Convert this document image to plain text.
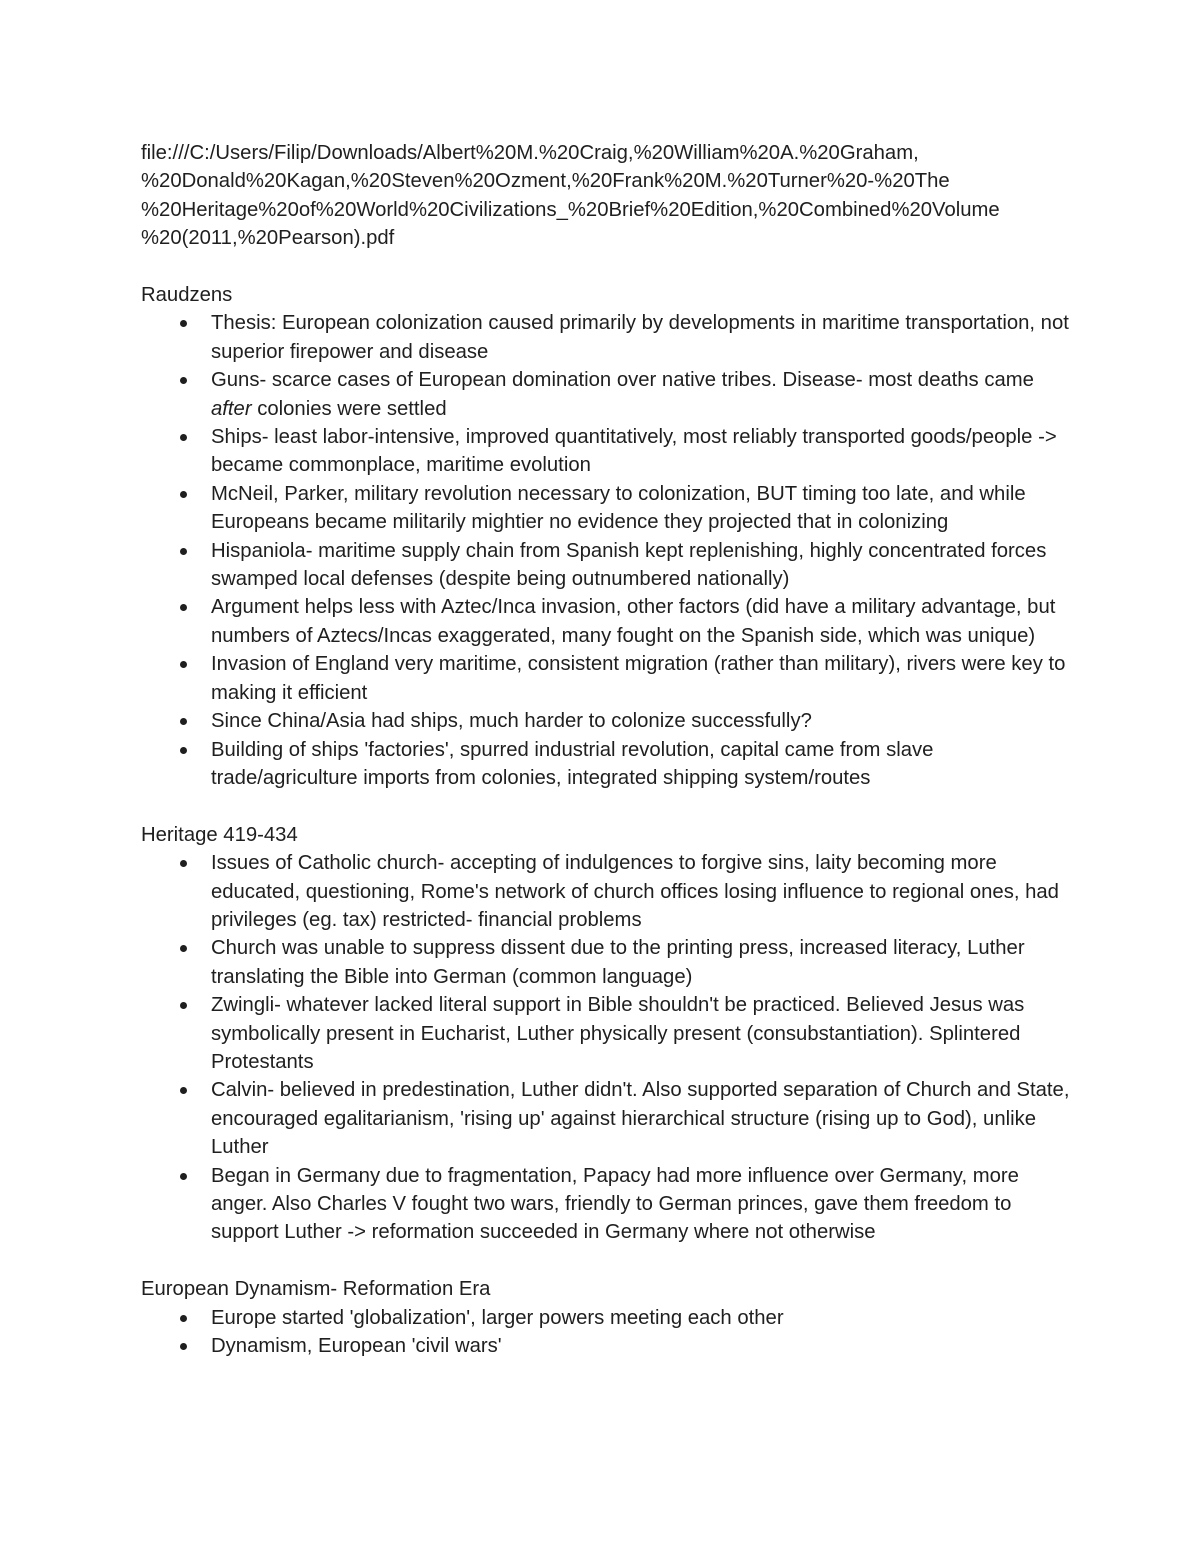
file:///C:/Users/Filip/Downloads/Albert%20M.%20Craig,%20William%20A.%20Graham,
%20Donald%20Kagan,%20Steven%20Ozment,%20Frank%20M.%20Turner%20-%20The
%20Heritage%20of%20World%20Civilizations_%20Brief%20Edition,%20Combined%20Volume
%20(2011,%20Pearson).pdf

Raudzens

Thesis: European colonization caused primarily by developments in maritime transportation, not superior firepower and disease
Guns- scarce cases of European domination over native tribes. Disease- most deaths came after colonies were settled
Ships- least labor-intensive, improved quantitatively, most reliably transported goods/people -> became commonplace, maritime evolution
McNeil, Parker, military revolution necessary to colonization, BUT timing too late, and while Europeans became militarily mightier no evidence they projected that in colonizing
Hispaniola- maritime supply chain from Spanish kept replenishing, highly concentrated forces swamped local defenses (despite being outnumbered nationally)
Argument helps less with Aztec/Inca invasion, other factors (did have a military advantage, but numbers of Aztecs/Incas exaggerated, many fought on the Spanish side, which was unique)
Invasion of England very maritime, consistent migration (rather than military), rivers were key to making it efficient
Since China/Asia had ships, much harder to colonize successfully?
Building of ships 'factories', spurred industrial revolution, capital came from slave trade/agriculture imports from colonies, integrated shipping system/routes

Heritage 419-434

Issues of Catholic church- accepting of indulgences to forgive sins, laity becoming more educated, questioning, Rome's network of church offices losing influence to regional ones, had privileges (eg. tax) restricted- financial problems
Church was unable to suppress dissent due to the printing press, increased literacy, Luther translating the Bible into German (common language)
Zwingli- whatever lacked literal support in Bible shouldn't be practiced. Believed Jesus was symbolically present in Eucharist, Luther physically present (consubstantiation). Splintered Protestants
Calvin- believed in predestination, Luther didn't. Also supported separation of Church and State, encouraged egalitarianism, 'rising up' against hierarchical structure (rising up to God), unlike Luther
Began in Germany due to fragmentation, Papacy had more influence over Germany, more anger. Also Charles V fought two wars, friendly to German princes, gave them freedom to support Luther -> reformation succeeded in Germany where not otherwise

European Dynamism- Reformation Era

Europe started 'globalization', larger powers meeting each other
Dynamism, European 'civil wars'
